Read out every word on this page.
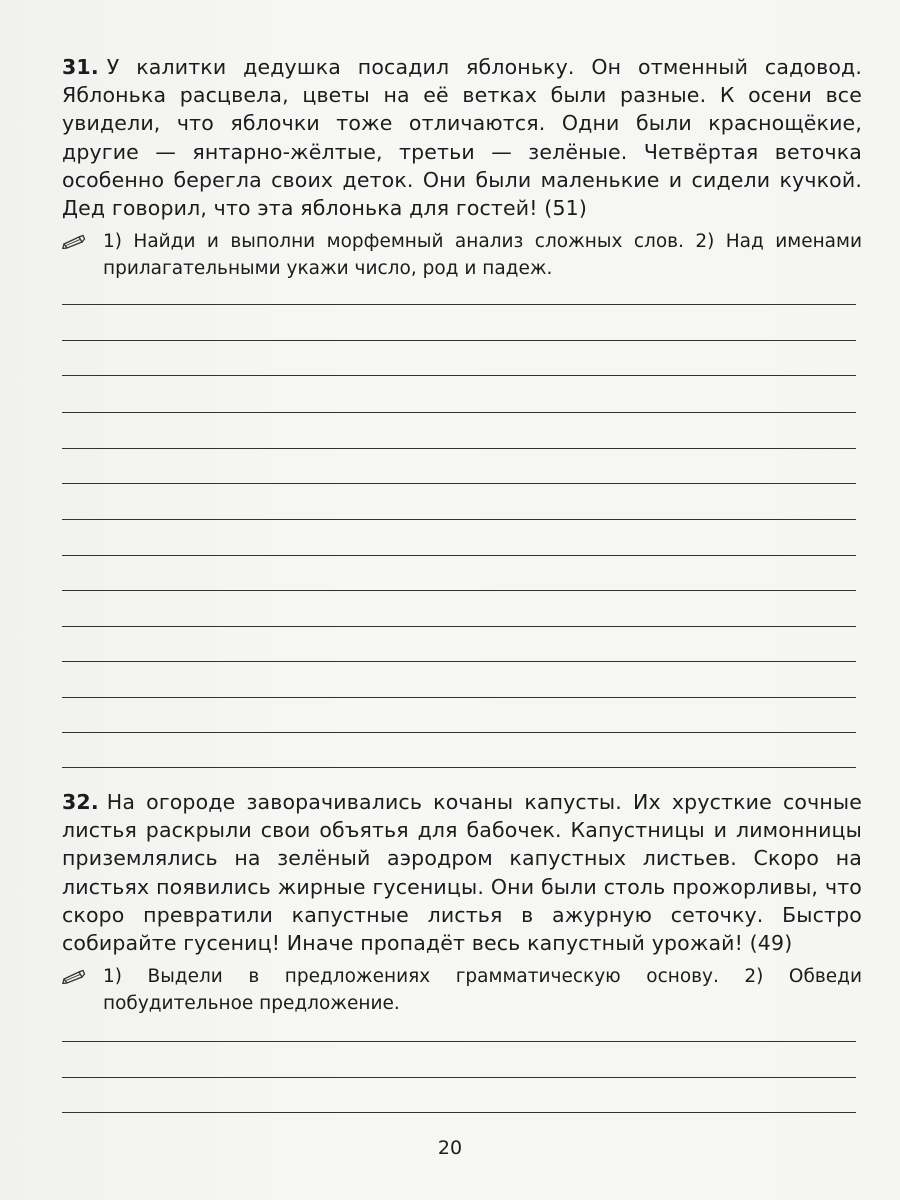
31. У калитки дедушка посадил яблоньку. Он отменный садовод. Яблонька расцвела, цветы на её ветках были разные. К осени все увидели, что яблочки тоже отличаются. Одни были краснощёкие, другие — янтарно-жёлтые, третьи — зелёные. Четвёртая веточка особенно берегла своих деток. Они были маленькие и сидели кучкой. Дед говорил, что эта яблонька для гостей! (51)

1) Найди и выполни морфемный анализ сложных слов. 2) Над именами прилагательными укажи число, род и падеж.

32. На огороде заворачивались кочаны капусты. Их хрусткие сочные листья раскрыли свои объятья для бабочек. Капустницы и лимонницы приземлялись на зелёный аэродром капустных листьев. Скоро на листьях появились жирные гусеницы. Они были столь прожорливы, что скоро превратили капустные листья в ажурную сеточку. Быстро собирайте гусениц! Иначе пропадёт весь капустный урожай! (49)

1) Выдели в предложениях грамматическую основу. 2) Обведи побудительное предложение.
20
